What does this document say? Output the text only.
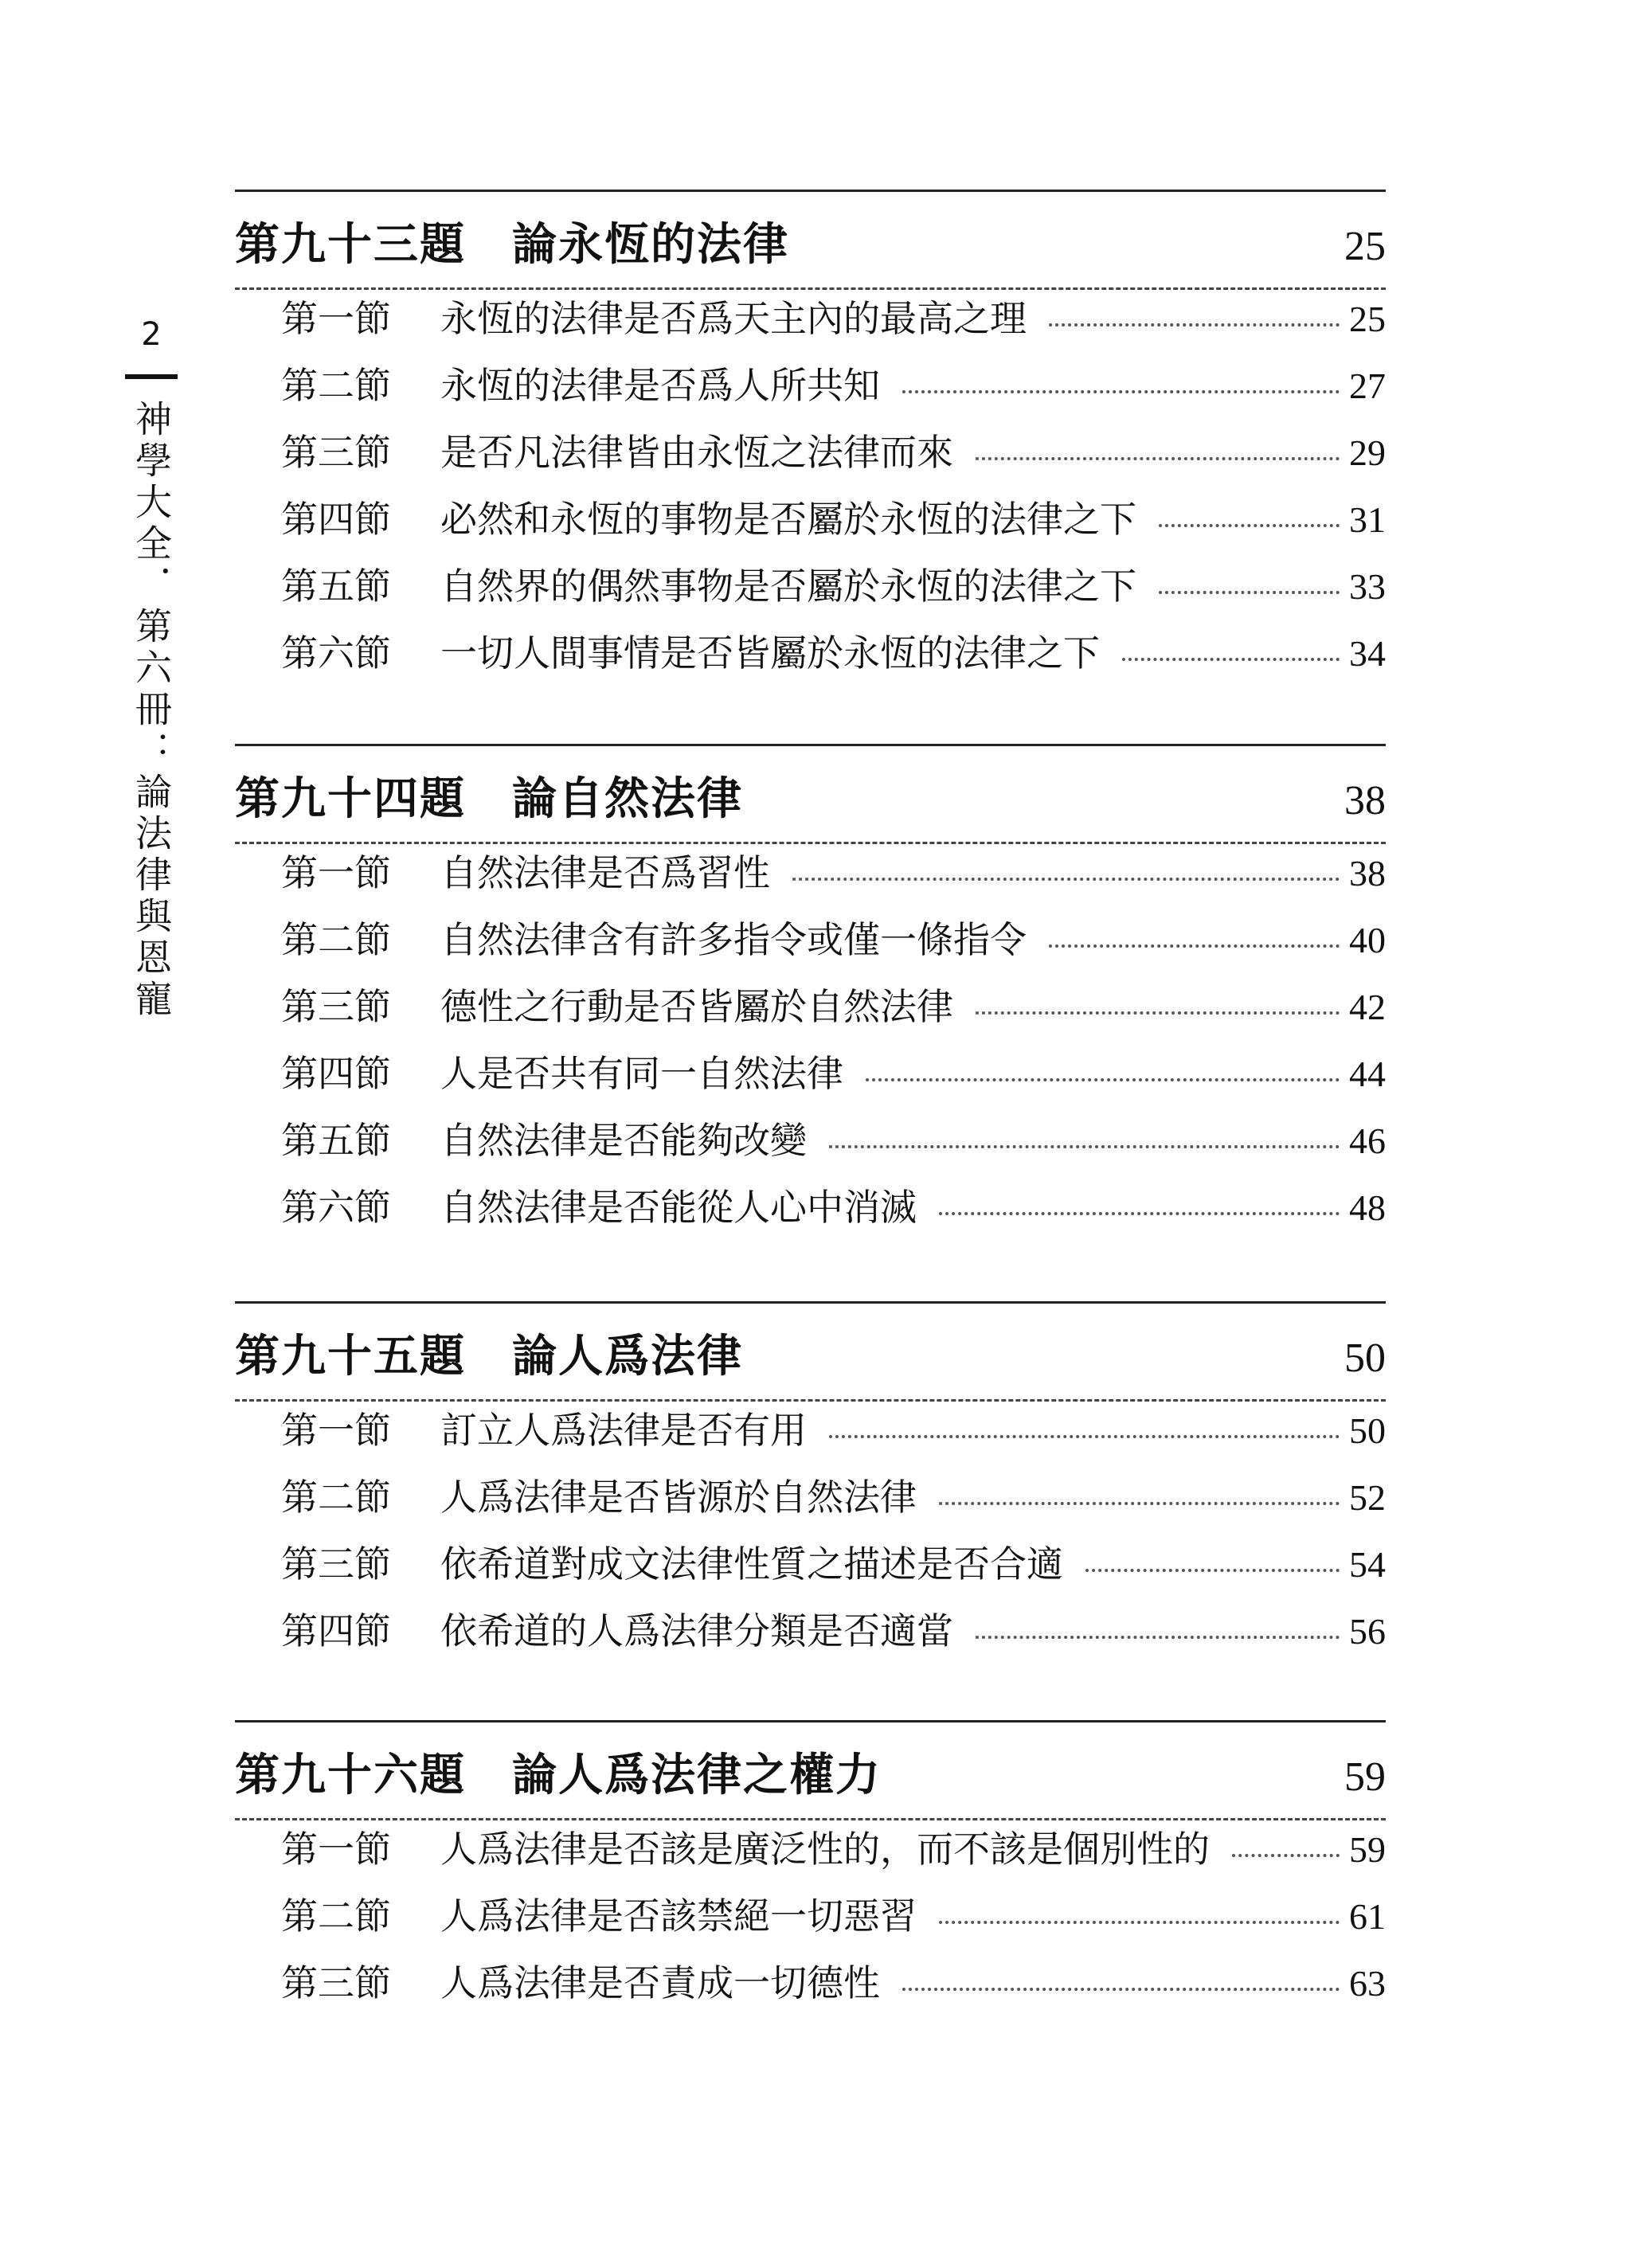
2
神學大全．第六冊：論法律與恩寵
第九十三題 論永恆的法律	25
第一節	永恆的法律是否爲天主內的最高之理	25
第二節	永恆的法律是否爲人所共知	27
第三節	是否凡法律皆由永恆之法律而來	29
第四節	必然和永恆的事物是否屬於永恆的法律之下	31
第五節	自然界的偶然事物是否屬於永恆的法律之下	33
第六節	一切人間事情是否皆屬於永恆的法律之下	34
第九十四題 論自然法律	38
第一節	自然法律是否爲習性	38
第二節	自然法律含有許多指令或僅一條指令	40
第三節	德性之行動是否皆屬於自然法律	42
第四節	人是否共有同一自然法律	44
第五節	自然法律是否能夠改變	46
第六節	自然法律是否能從人心中消滅	48
第九十五題 論人爲法律	50
第一節	訂立人爲法律是否有用	50
第二節	人爲法律是否皆源於自然法律	52
第三節	依希道對成文法律性質之描述是否合適	54
第四節	依希道的人爲法律分類是否適當	56
第九十六題 論人爲法律之權力	59
第一節	人爲法律是否該是廣泛性的，而不該是個別性的	59
第二節	人爲法律是否該禁絕一切惡習	61
第三節	人爲法律是否責成一切德性	63
